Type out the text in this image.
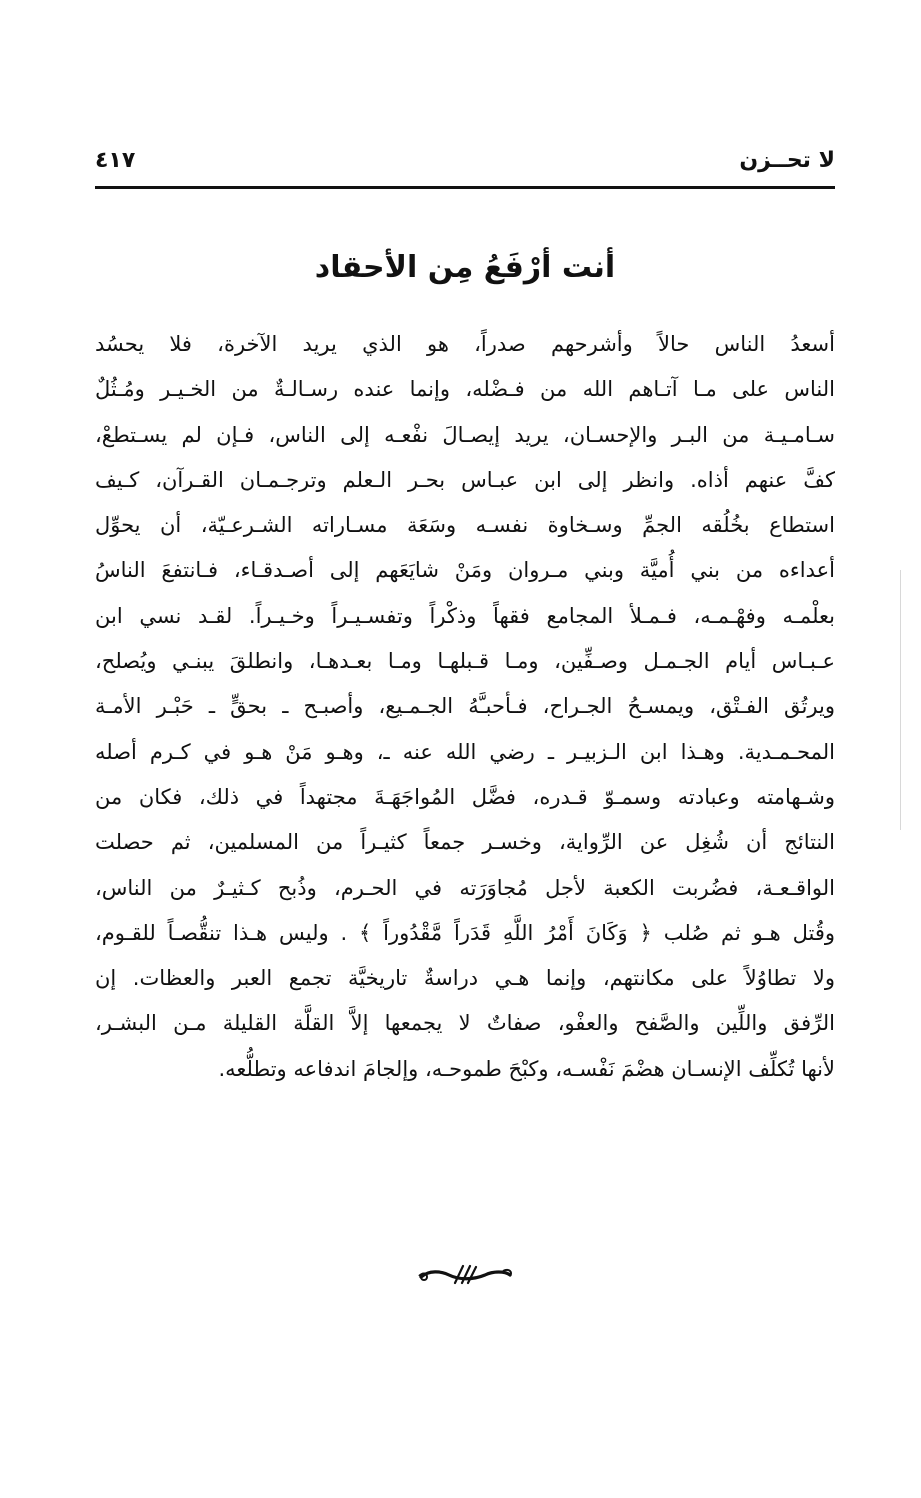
لا تحــزن
٤١٧
أنت أرْفَعُ مِن الأحقاد
أسعدُ الناس حالاً وأشرحهم صدراً، هو الذي يريد الآخرة، فلا يحسُد
الناس على مـا آتـاهم الله من فـضْله، وإنما عنده رسـالـةٌ من الخـيـر ومُـثُلٌ
سـامـيـة من البـر والإحسـان، يريد إيصـالَ نفْعـه إلى الناس، فـإن لم يسـتطعْ،
كفَّ عنهم أذاه. وانظر إلى ابن عبـاس بحـر الـعلم وترجـمـان القـرآن، كـيف
استطاع بخُلُقه الجمِّ وسـخاوة نفسـه وسَعَة مسـاراته الشـرعـيّة، أن يحوِّل
أعداءه من بني أُميَّة وبني مـروان ومَنْ شايَعَهم إلى أصـدقـاء، فـانتفعَ الناسُ
بعلْمـه وفهْـمـه، فـمـلأ المجامع فقهاً وذكْراً وتفسـيـراً وخـيـراً. لقـد نسي ابن
عـبـاس أيام الجـمـل وصـفِّين، ومـا قـبلهـا ومـا بعـدهـا، وانطلقَ يبنـي ويُصلح،
ويرتُق الفـتْق، ويمسـحُ الجـراح، فـأحبـَّهُ الجـمـيع، وأصبـح ـ بحقٍّ ـ حَبْـر الأمـة
المحـمـدية. وهـذا ابن الـزبيـر ـ رضي الله عنه ـ، وهـو مَنْ هـو في كـرم أصله
وشـهامته وعبادته وسمـوّ قـدره، فضَّل المُواجَهَـةَ مجتهداً في ذلك، فكان من
النتائج أن شُغِل عن الرِّواية، وخسـر جمعاً كثيـراً من المسلمين، ثم حصلت
الواقـعـة، فضُربت الكعبة لأجل مُجاوَرَته في الحـرم، وذُبح كـثيـرٌ من الناس،
وقُتل هـو ثم صُلب ﴿ وَكَانَ أَمْرُ اللَّهِ قَدَراً مَّقْدُوراً ﴾ . وليس هـذا تنقُّصـاً للقـوم،
ولا تطاوُلاً على مكانتهم، وإنما هـي دراسةٌ تاريخيَّة تجمع العبر والعظات. إن
الرِّفق واللِّين والصَّفح والعفْو، صفاتٌ لا يجمعها إلاَّ القلَّة القليلة مـن البشـر،
لأنها تُكلِّف الإنسـان هضْمَ نَفْسـه، وكبْحَ طموحـه، وإلجامَ اندفاعه وتطلُّعه.
